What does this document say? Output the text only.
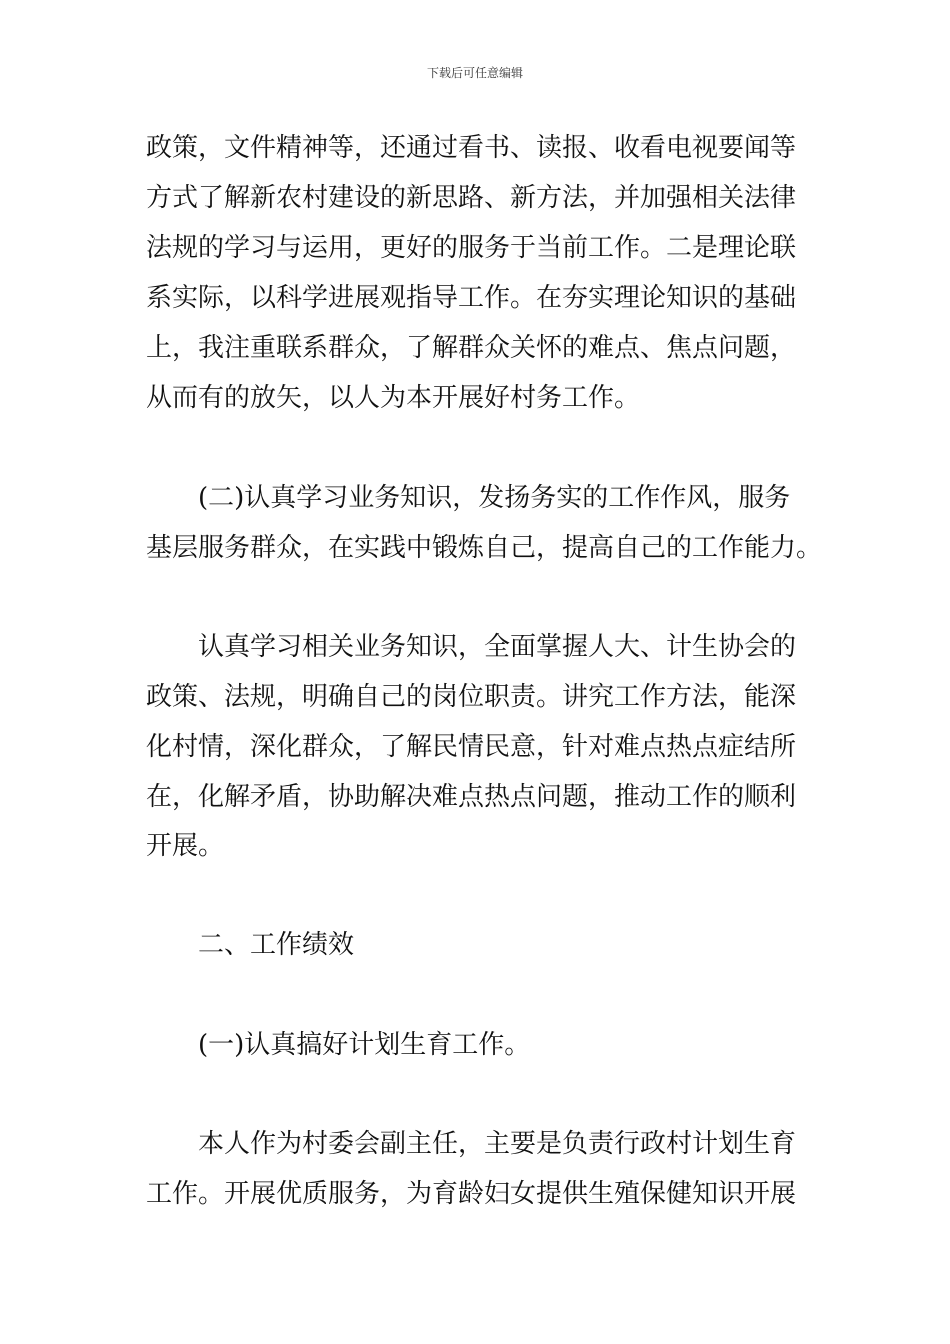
下载后可任意编辑
政策，文件精神等，还通过看书、读报、收看电视要闻等
方式了解新农村建设的新思路、新方法，并加强相关法律
法规的学习与运用，更好的服务于当前工作。二是理论联
系实际，以科学进展观指导工作。在夯实理论知识的基础
上，我注重联系群众，了解群众关怀的难点、焦点问题，
从而有的放矢，以人为本开展好村务工作。
(二)认真学习业务知识，发扬务实的工作作风，服务
基层服务群众，在实践中锻炼自己，提高自己的工作能力。
认真学习相关业务知识，全面掌握人大、计生协会的
政策、法规，明确自己的岗位职责。讲究工作方法，能深
化村情，深化群众，了解民情民意，针对难点热点症结所
在，化解矛盾，协助解决难点热点问题，推动工作的顺利
开展。
二、工作绩效
(一)认真搞好计划生育工作。
本人作为村委会副主任，主要是负责行政村计划生育
工作。开展优质服务，为育龄妇女提供生殖保健知识开展
